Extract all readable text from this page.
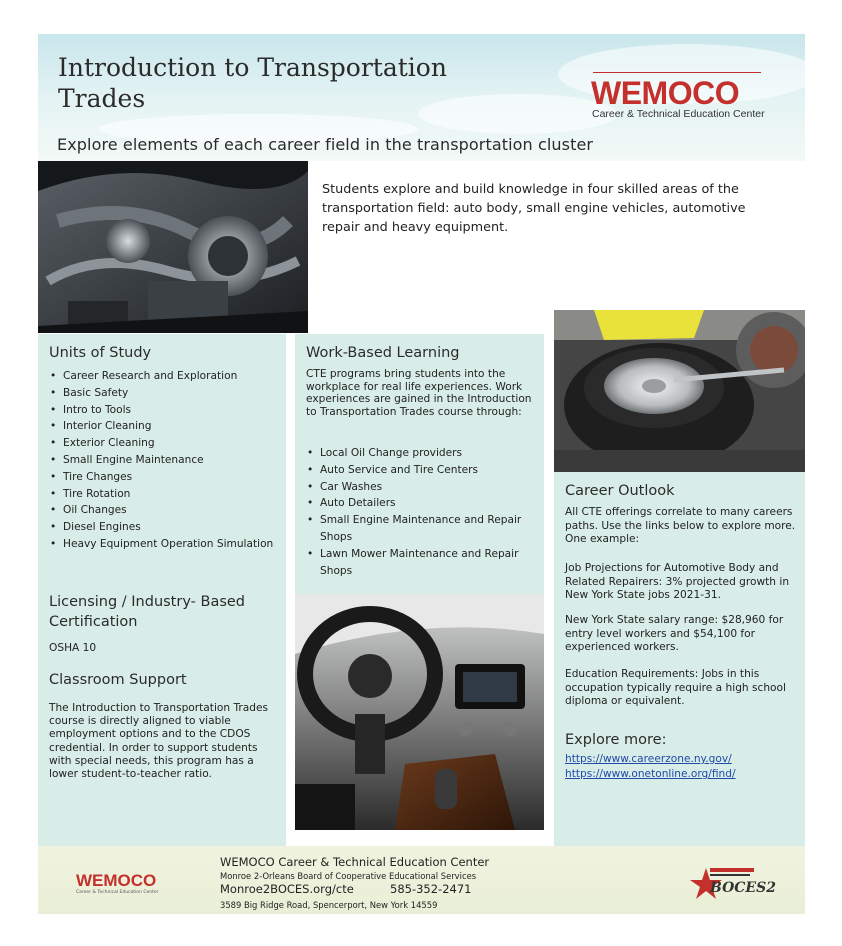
Introduction to Transportation Trades	WEMOCO
Career & Technical Education Center
Explore elements of each career field in the transportation cluster
Students explore and build knowledge in four skilled areas of the transportation field: auto body, small engine vehicles, automotive repair and heavy equipment.
Units of Study
• Career Research and Exploration
• Basic Safety
• Intro to Tools
• Interior Cleaning
• Exterior Cleaning
• Small Engine Maintenance
• Tire Changes
• Tire Rotation
• Oil Changes
• Diesel Engines
• Heavy Equipment Operation Simulation
Licensing / Industry- Based Certification
OSHA 10
Classroom Support
The Introduction to Transportation Trades course is directly aligned to viable employment options and to the CDOS credential. In order to support students with special needs, this program has a lower student-to-teacher ratio.
Work-Based Learning
CTE programs bring students into the workplace for real life experiences. Work experiences are gained in the Introduction to Transportation Trades course through:
• Local Oil Change providers
• Auto Service and Tire Centers
• Car Washes
• Auto Detailers
• Small Engine Maintenance and Repair Shops
• Lawn Mower Maintenance and Repair Shops
Career Outlook
All CTE offerings correlate to many careers paths. Use the links below to explore more. One example:
Job Projections for Automotive Body and Related Repairers: 3% projected growth in New York State jobs 2021-31.
New York State salary range: $28,960 for entry level workers and $54,100 for experienced workers.
Education Requirements: Jobs in this occupation typically require a high school diploma or equivalent.
Explore more:
https://www.careerzone.ny.gov/
https://www.onetonline.org/find/
WEMOCO
Career & Technical Education Center
WEMOCO Career & Technical Education Center
Monroe 2-Orleans Board of Cooperative Educational Services
Monroe2BOCES.org/cte	585-352-2471
3589 Big Ridge Road, Spencerport, New York 14559
BOCES2
